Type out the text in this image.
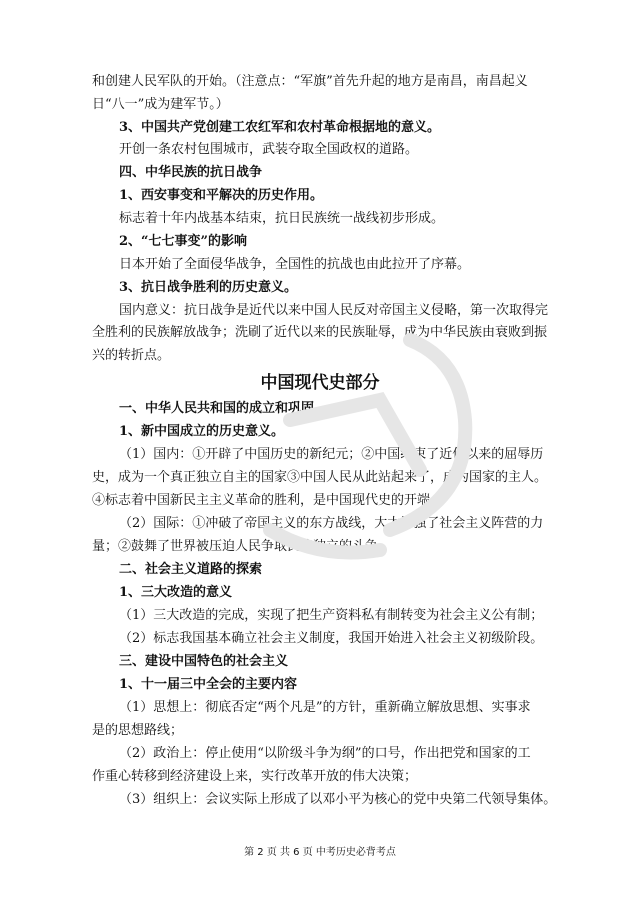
和创建人民军队的开始。（注意点：“军旗”首先升起的地方是南昌，南昌起义
日“八一”成为建军节。）
3、中国共产党创建工农红军和农村革命根据地的意义。
开创一条农村包围城市，武装夺取全国政权的道路。
四、中华民族的抗日战争
1、西安事变和平解决的历史作用。
标志着十年内战基本结束，抗日民族统一战线初步形成。
2、“七七事变”的影响
日本开始了全面侵华战争，全国性的抗战也由此拉开了序幕。
3、抗日战争胜利的历史意义。
国内意义：抗日战争是近代以来中国人民反对帝国主义侵略，第一次取得完
全胜利的民族解放战争；洗刷了近代以来的民族耻辱，成为中华民族由衰败到振
兴的转折点。
中国现代史部分
一、中华人民共和国的成立和巩固
1、新中国成立的历史意义。
（1）国内：①开辟了中国历史的新纪元；②中国结束了近代以来的屈辱历
史，成为一个真正独立自主的国家③中国人民从此站起来了，成为国家的主人。
④标志着中国新民主主义革命的胜利，是中国现代史的开端。
（2）国际：①冲破了帝国主义的东方战线，大大增强了社会主义阵营的力
量；②鼓舞了世界被压迫人民争取民族独立的斗争。
二、社会主义道路的探索
1、三大改造的意义
（1）三大改造的完成，实现了把生产资料私有制转变为社会主义公有制；
（2）标志我国基本确立社会主义制度，我国开始进入社会主义初级阶段。
三、建设中国特色的社会主义
1、十一届三中全会的主要内容
（1）思想上：彻底否定“两个凡是”的方针，重新确立解放思想、实事求
是的思想路线；
（2）政治上：停止使用“以阶级斗争为纲”的口号，作出把党和国家的工
作重心转移到经济建设上来，实行改革开放的伟大决策；
（3）组织上：会议实际上形成了以邓小平为核心的党中央第二代领导集体。
第 2 页 共 6 页 中考历史必背考点
